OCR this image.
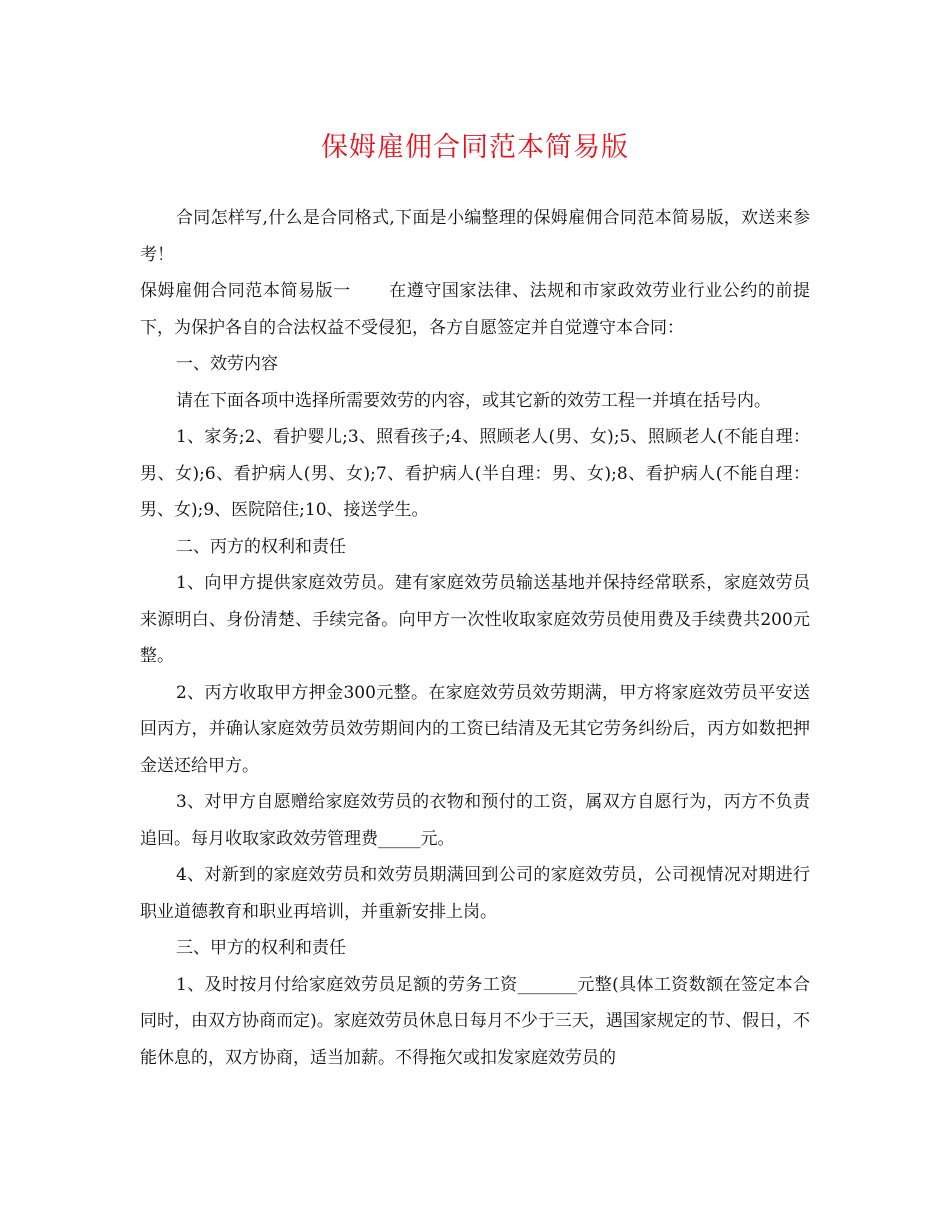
保姆雇佣合同范本简易版

合同怎样写,什么是合同格式,下面是小编整理的保姆雇佣合同范本简易版，欢送来参考！

保姆雇佣合同范本简易版一 在遵守国家法律、法规和市家政效劳业行业公约的前提下，为保护各自的合法权益不受侵犯，各方自愿签定并自觉遵守本合同：

一、效劳内容

请在下面各项中选择所需要效劳的内容，或其它新的效劳工程一并填在括号内。

1、家务;2、看护婴儿;3、照看孩子;4、照顾老人(男、女);5、照顾老人(不能自理：男、女);6、看护病人(男、女);7、看护病人(半自理：男、女);8、看护病人(不能自理：男、女);9、医院陪住;10、接送学生。

二、丙方的权利和责任

1、向甲方提供家庭效劳员。建有家庭效劳员输送基地并保持经常联系，家庭效劳员来源明白、身份清楚、手续完备。向甲方一次性收取家庭效劳员使用费及手续费共200元整。

2、丙方收取甲方押金300元整。在家庭效劳员效劳期满，甲方将家庭效劳员平安送回丙方，并确认家庭效劳员效劳期间内的工资已结清及无其它劳务纠纷后，丙方如数把押金送还给甲方。

3、对甲方自愿赠给家庭效劳员的衣物和预付的工资，属双方自愿行为，丙方不负责追回。每月收取家政效劳管理费_____元。

4、对新到的家庭效劳员和效劳员期满回到公司的家庭效劳员，公司视情况对期进行职业道德教育和职业再培训，并重新安排上岗。

三、甲方的权利和责任

1、及时按月付给家庭效劳员足额的劳务工资_______元整(具体工资数额在签定本合同时，由双方协商而定)。家庭效劳员休息日每月不少于三天，遇国家规定的节、假日，不能休息的，双方协商，适当加薪。不得拖欠或扣发家庭效劳员的
